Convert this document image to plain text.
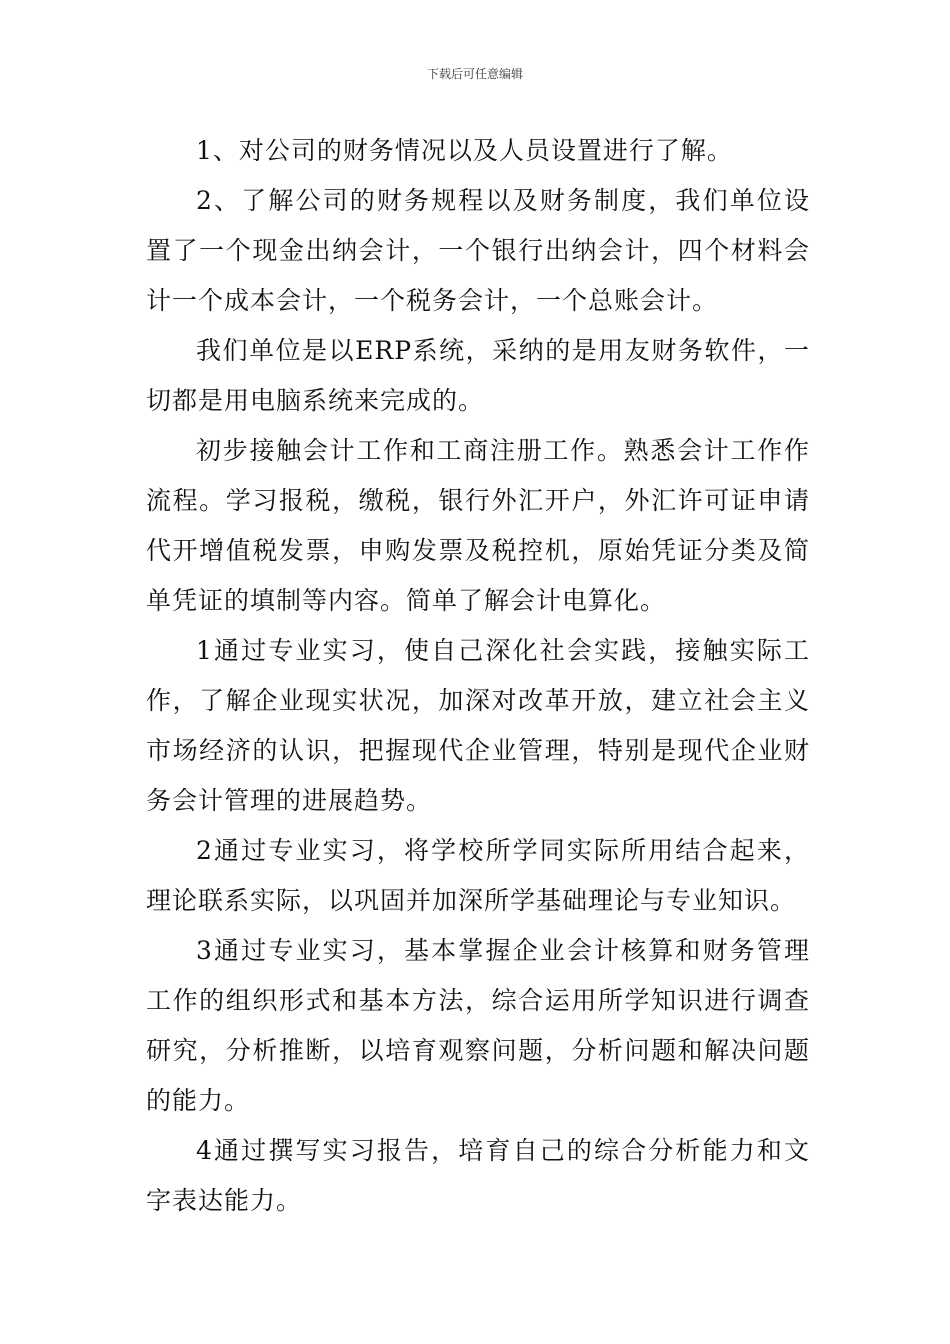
下载后可任意编辑

1、对公司的财务情况以及人员设置进行了解。

2、了解公司的财务规程以及财务制度，我们单位设置了一个现金出纳会计，一个银行出纳会计，四个材料会计一个成本会计，一个税务会计，一个总账会计。

我们单位是以ERP系统，采纳的是用友财务软件，一切都是用电脑系统来完成的。

初步接触会计工作和工商注册工作。熟悉会计工作作流程。学习报税，缴税，银行外汇开户，外汇许可证申请代开增值税发票，申购发票及税控机，原始凭证分类及简单凭证的填制等内容。简单了解会计电算化。

1通过专业实习，使自己深化社会实践，接触实际工作，了解企业现实状况，加深对改革开放，建立社会主义市场经济的认识，把握现代企业管理，特别是现代企业财务会计管理的进展趋势。

2通过专业实习，将学校所学同实际所用结合起来，理论联系实际，以巩固并加深所学基础理论与专业知识。

3通过专业实习，基本掌握企业会计核算和财务管理工作的组织形式和基本方法，综合运用所学知识进行调查研究，分析推断，以培育观察问题，分析问题和解决问题的能力。

4通过撰写实习报告，培育自己的综合分析能力和文字表达能力。
